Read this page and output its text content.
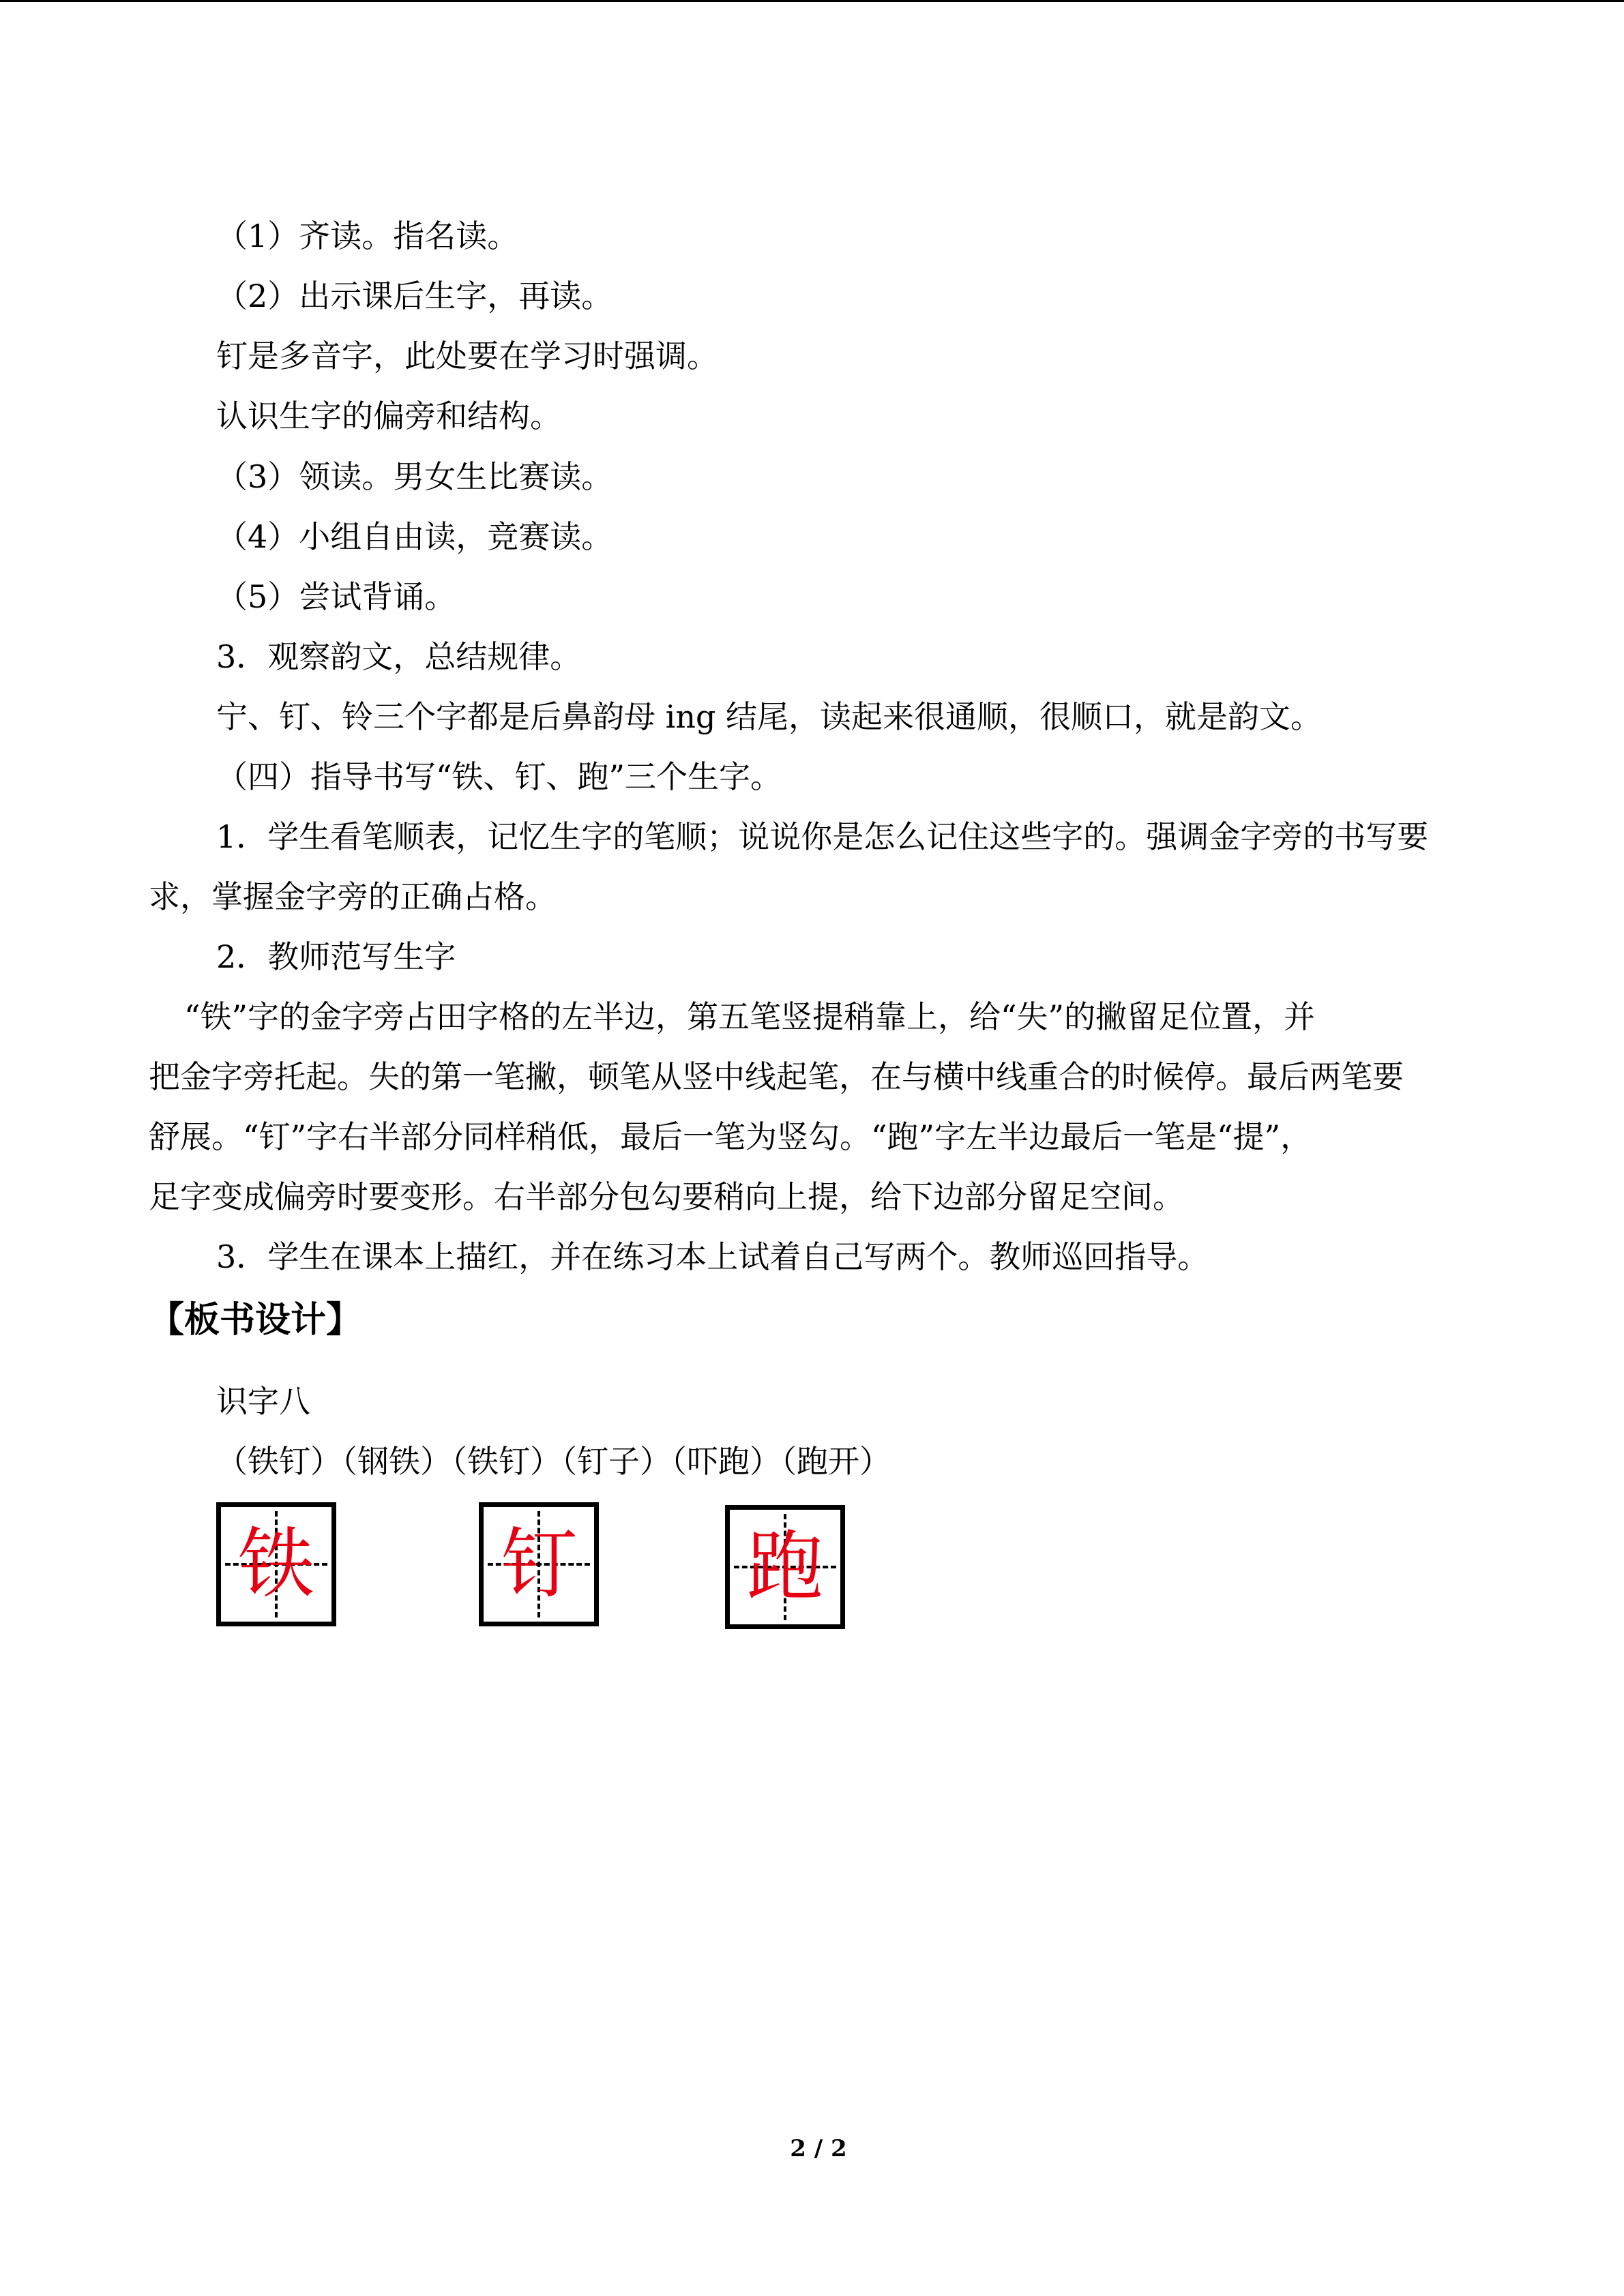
（1）齐读。指名读。
（2）出示课后生字，再读。
钉是多音字，此处要在学习时强调。
认识生字的偏旁和结构。
（3）领读。男女生比赛读。
（4）小组自由读，竞赛读。
（5）尝试背诵。
3．观察韵文，总结规律。
宁、钉、铃三个字都是后鼻韵母 ing 结尾，读起来很通顺，很顺口，就是韵文。
（四）指导书写“铁、钉、跑”三个生字。
1．学生看笔顺表，记忆生字的笔顺；说说你是怎么记住这些字的。强调金字旁的书写要
求，掌握金字旁的正确占格。
2．教师范写生字
“铁”字的金字旁占田字格的左半边，第五笔竖提稍靠上，给“失”的撇留足位置，并
把金字旁托起。失的第一笔撇，顿笔从竖中线起笔，在与横中线重合的时候停。最后两笔要
舒展。“钉”字右半部分同样稍低，最后一笔为竖勾。“跑”字左半边最后一笔是“提”，
足字变成偏旁时要变形。右半部分包勾要稍向上提，给下边部分留足空间。
3．学生在课本上描红，并在练习本上试着自己写两个。教师巡回指导。
【板书设计】
识字八
（铁钉）（钢铁）（铁钉）（钉子）（吓跑）（跑开）
铁 钉 跑
2 / 2
